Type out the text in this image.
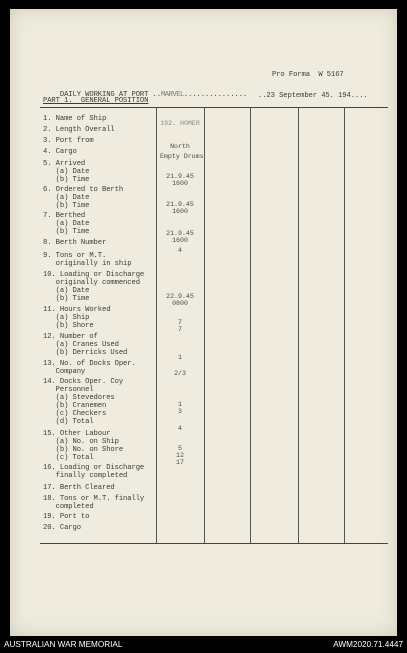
Pro Forma  W 5167

DAILY WORKING AT PORT ..MARVEL...............
..23 September 45. 194....
PART 1.  GENERAL POSITION
1. Name of Ship
2. Length Overall
3. Port from
4. Cargo
5. Arrived
(a) Date
(b) Time
6. Ordered to Berth
(a) Date
(b) Time
7. Berthed
(a) Date
(b) Time
8. Berth Number
9. Tons or M.T.
originally in ship
10. Loading or Discharge
originally commenced
(a) Date
(b) Time
11. Hours Worked
(a) Ship
(b) Shore
12. Number of
(a) Cranes Used
(b) Derricks Used
13. No. of Docks Oper.
Company
14. Docks Oper. Coy
Personnel
(a) Stevedores
(b) Cranemen
(c) Checkers
(d) Total
15. Other Labour
(a) No. on Ship
(b) No. on Shore
(c) Total
16. Loading or Discharge
finally completed
17. Berth Cleared
18. Tons or M.T. finally
completed
19. Port to
20. Cargo
192. HOMER
North
Empty Drums
21.9.45
1600
21.9.45
1600
21.9.45
1600
4
22.9.45
0800
7
7
1
2/3
1
3
4
5
12
17
AUSTRALIAN WAR MEMORIAL	AWM2020.71.4447
